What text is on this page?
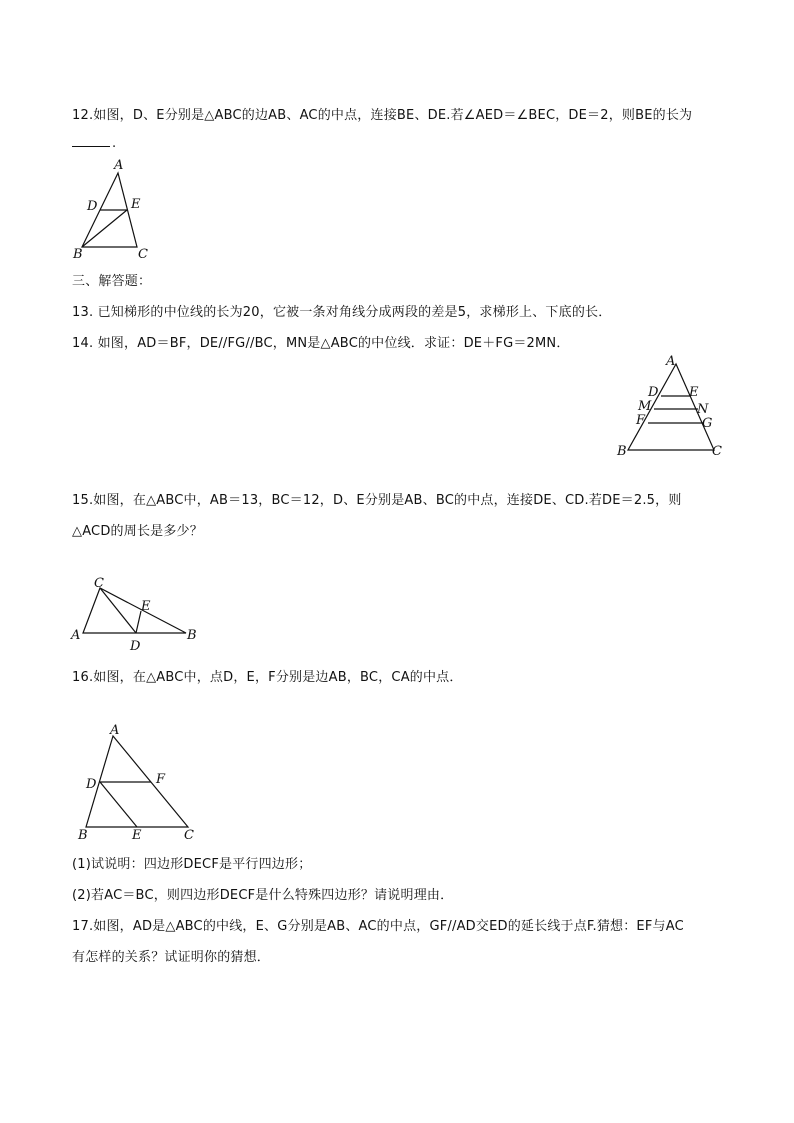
12.如图，D、E分别是△ABC的边AB、AC的中点，连接BE、DE.若∠AED＝∠BEC，DE＝2，则BE的长为
.
A
D	E
B	C
三、解答题：
13. 已知梯形的中位线的长为20，它被一条对角线分成两段的差是5，求梯形上、下底的长．
14. 如图，AD＝BF，DE//FG//BC，MN是△ABC的中位线．求证：DE＋FG＝2MN．
A
D E
M	N
F	G
B	C
15.如图，在△ABC中，AB＝13，BC＝12，D、E分别是AB、BC的中点，连接DE、CD.若DE＝2.5，则
△ACD的周长是多少？
C
E
A
D
B
16.如图，在△ABC中，点D，E，F分别是边AB，BC，CA的中点．
A
D	F
B	E	C
(1)试说明：四边形DECF是平行四边形；
(2)若AC＝BC，则四边形DECF是什么特殊四边形？请说明理由．
17.如图，AD是△ABC的中线，E、G分别是AB、AC的中点，GF//AD交ED的延长线于点F.猜想：EF与AC
有怎样的关系？试证明你的猜想．
